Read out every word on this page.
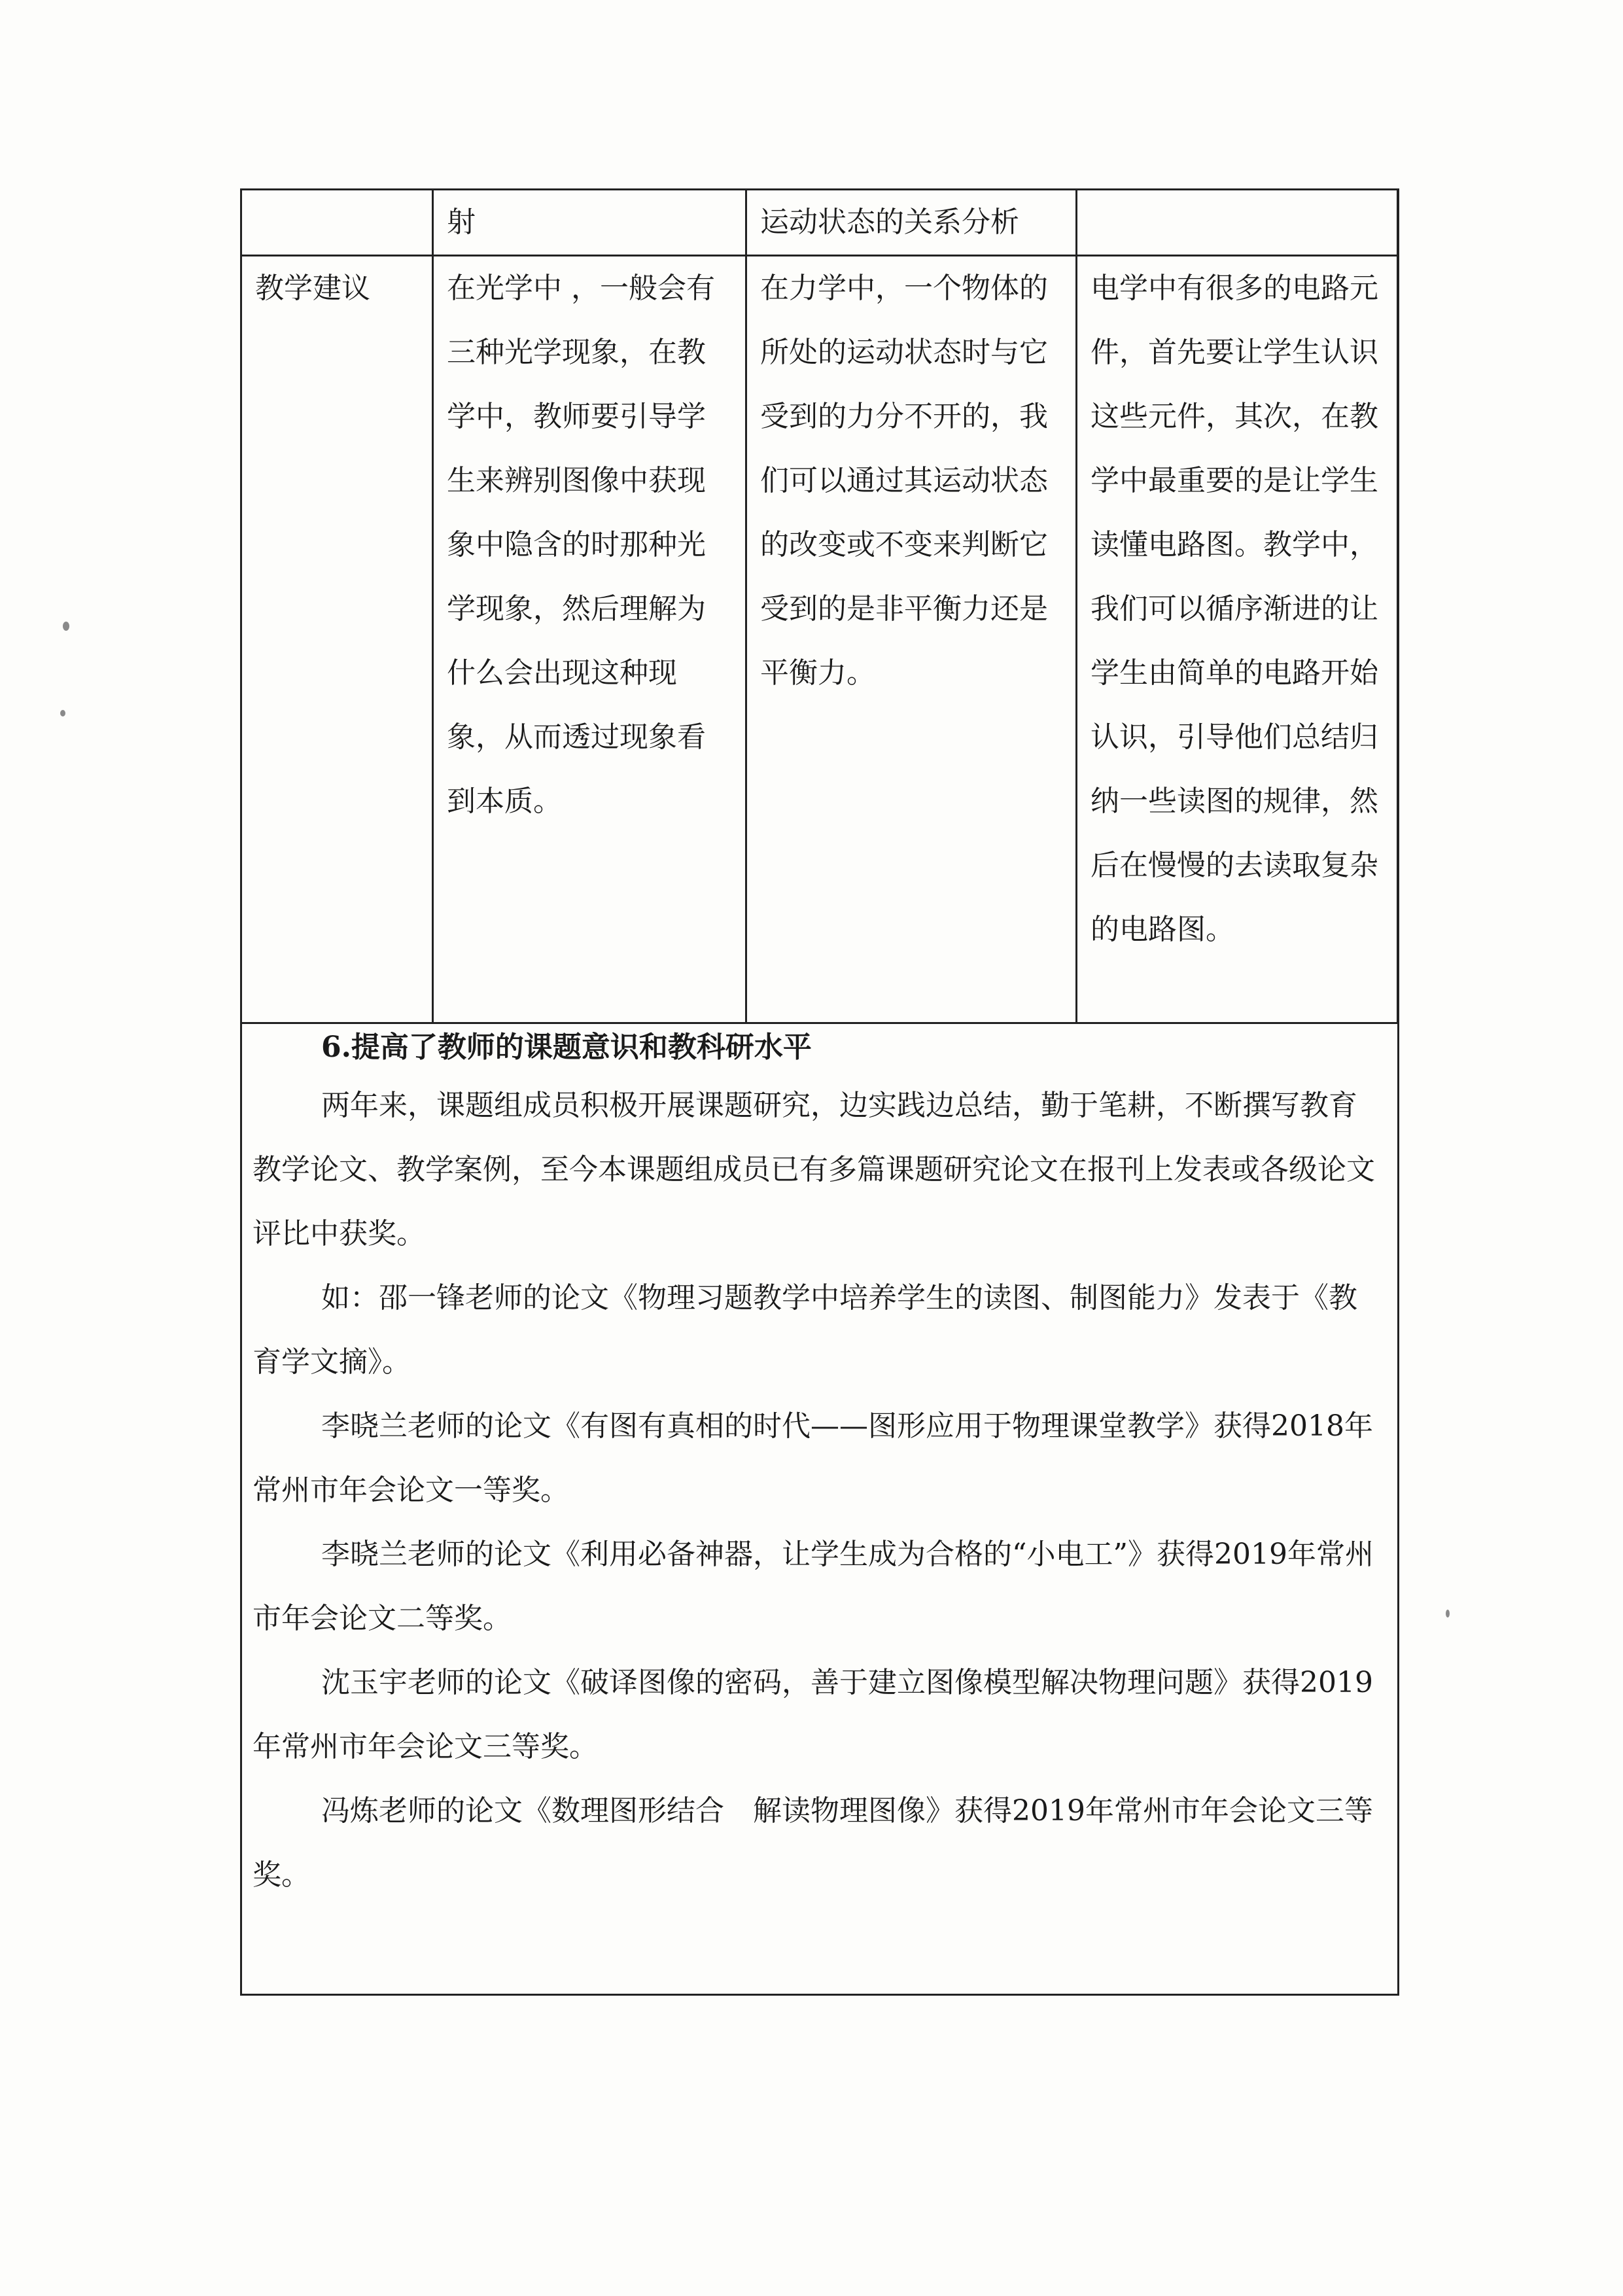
	射	运动状态的关系分析	

教学建议	在光学中 ，一般会有三种光学现象，在教学中，教师要引导学生来辨别图像中获现象中隐含的时那种光学现象，然后理解为什么会出现这种现象，从而透过现象看到本质。	在力学中，一个物体的所处的运动状态时与它受到的力分不开的，我们可以通过其运动状态的改变或不变来判断它受到的是非平衡力还是平衡力。	电学中有很多的电路元件，首先要让学生认识这些元件，其次，在教学中最重要的是让学生读懂电路图。教学中，我们可以循序渐进的让学生由简单的电路开始认识，引导他们总结归纳一些读图的规律，然后在慢慢的去读取复杂的电路图。
6.提高了教师的课题意识和教科研水平

两年来，课题组成员积极开展课题研究，边实践边总结，勤于笔耕，不断撰写教育教学论文、教学案例，至今本课题组成员已有多篇课题研究论文在报刊上发表或各级论文评比中获奖。

如：邵一锋老师的论文《物理习题教学中培养学生的读图、制图能力》发表于《教育学文摘》。

李晓兰老师的论文《有图有真相的时代——图形应用于物理课堂教学》获得2018年常州市年会论文一等奖。

李晓兰老师的论文《利用必备神器，让学生成为合格的“小电工”》获得2019年常州市年会论文二等奖。

沈玉宇老师的论文《破译图像的密码，善于建立图像模型解决物理问题》获得2019年常州市年会论文三等奖。

冯炼老师的论文《数理图形结合　解读物理图像》获得2019年常州市年会论文三等奖。
